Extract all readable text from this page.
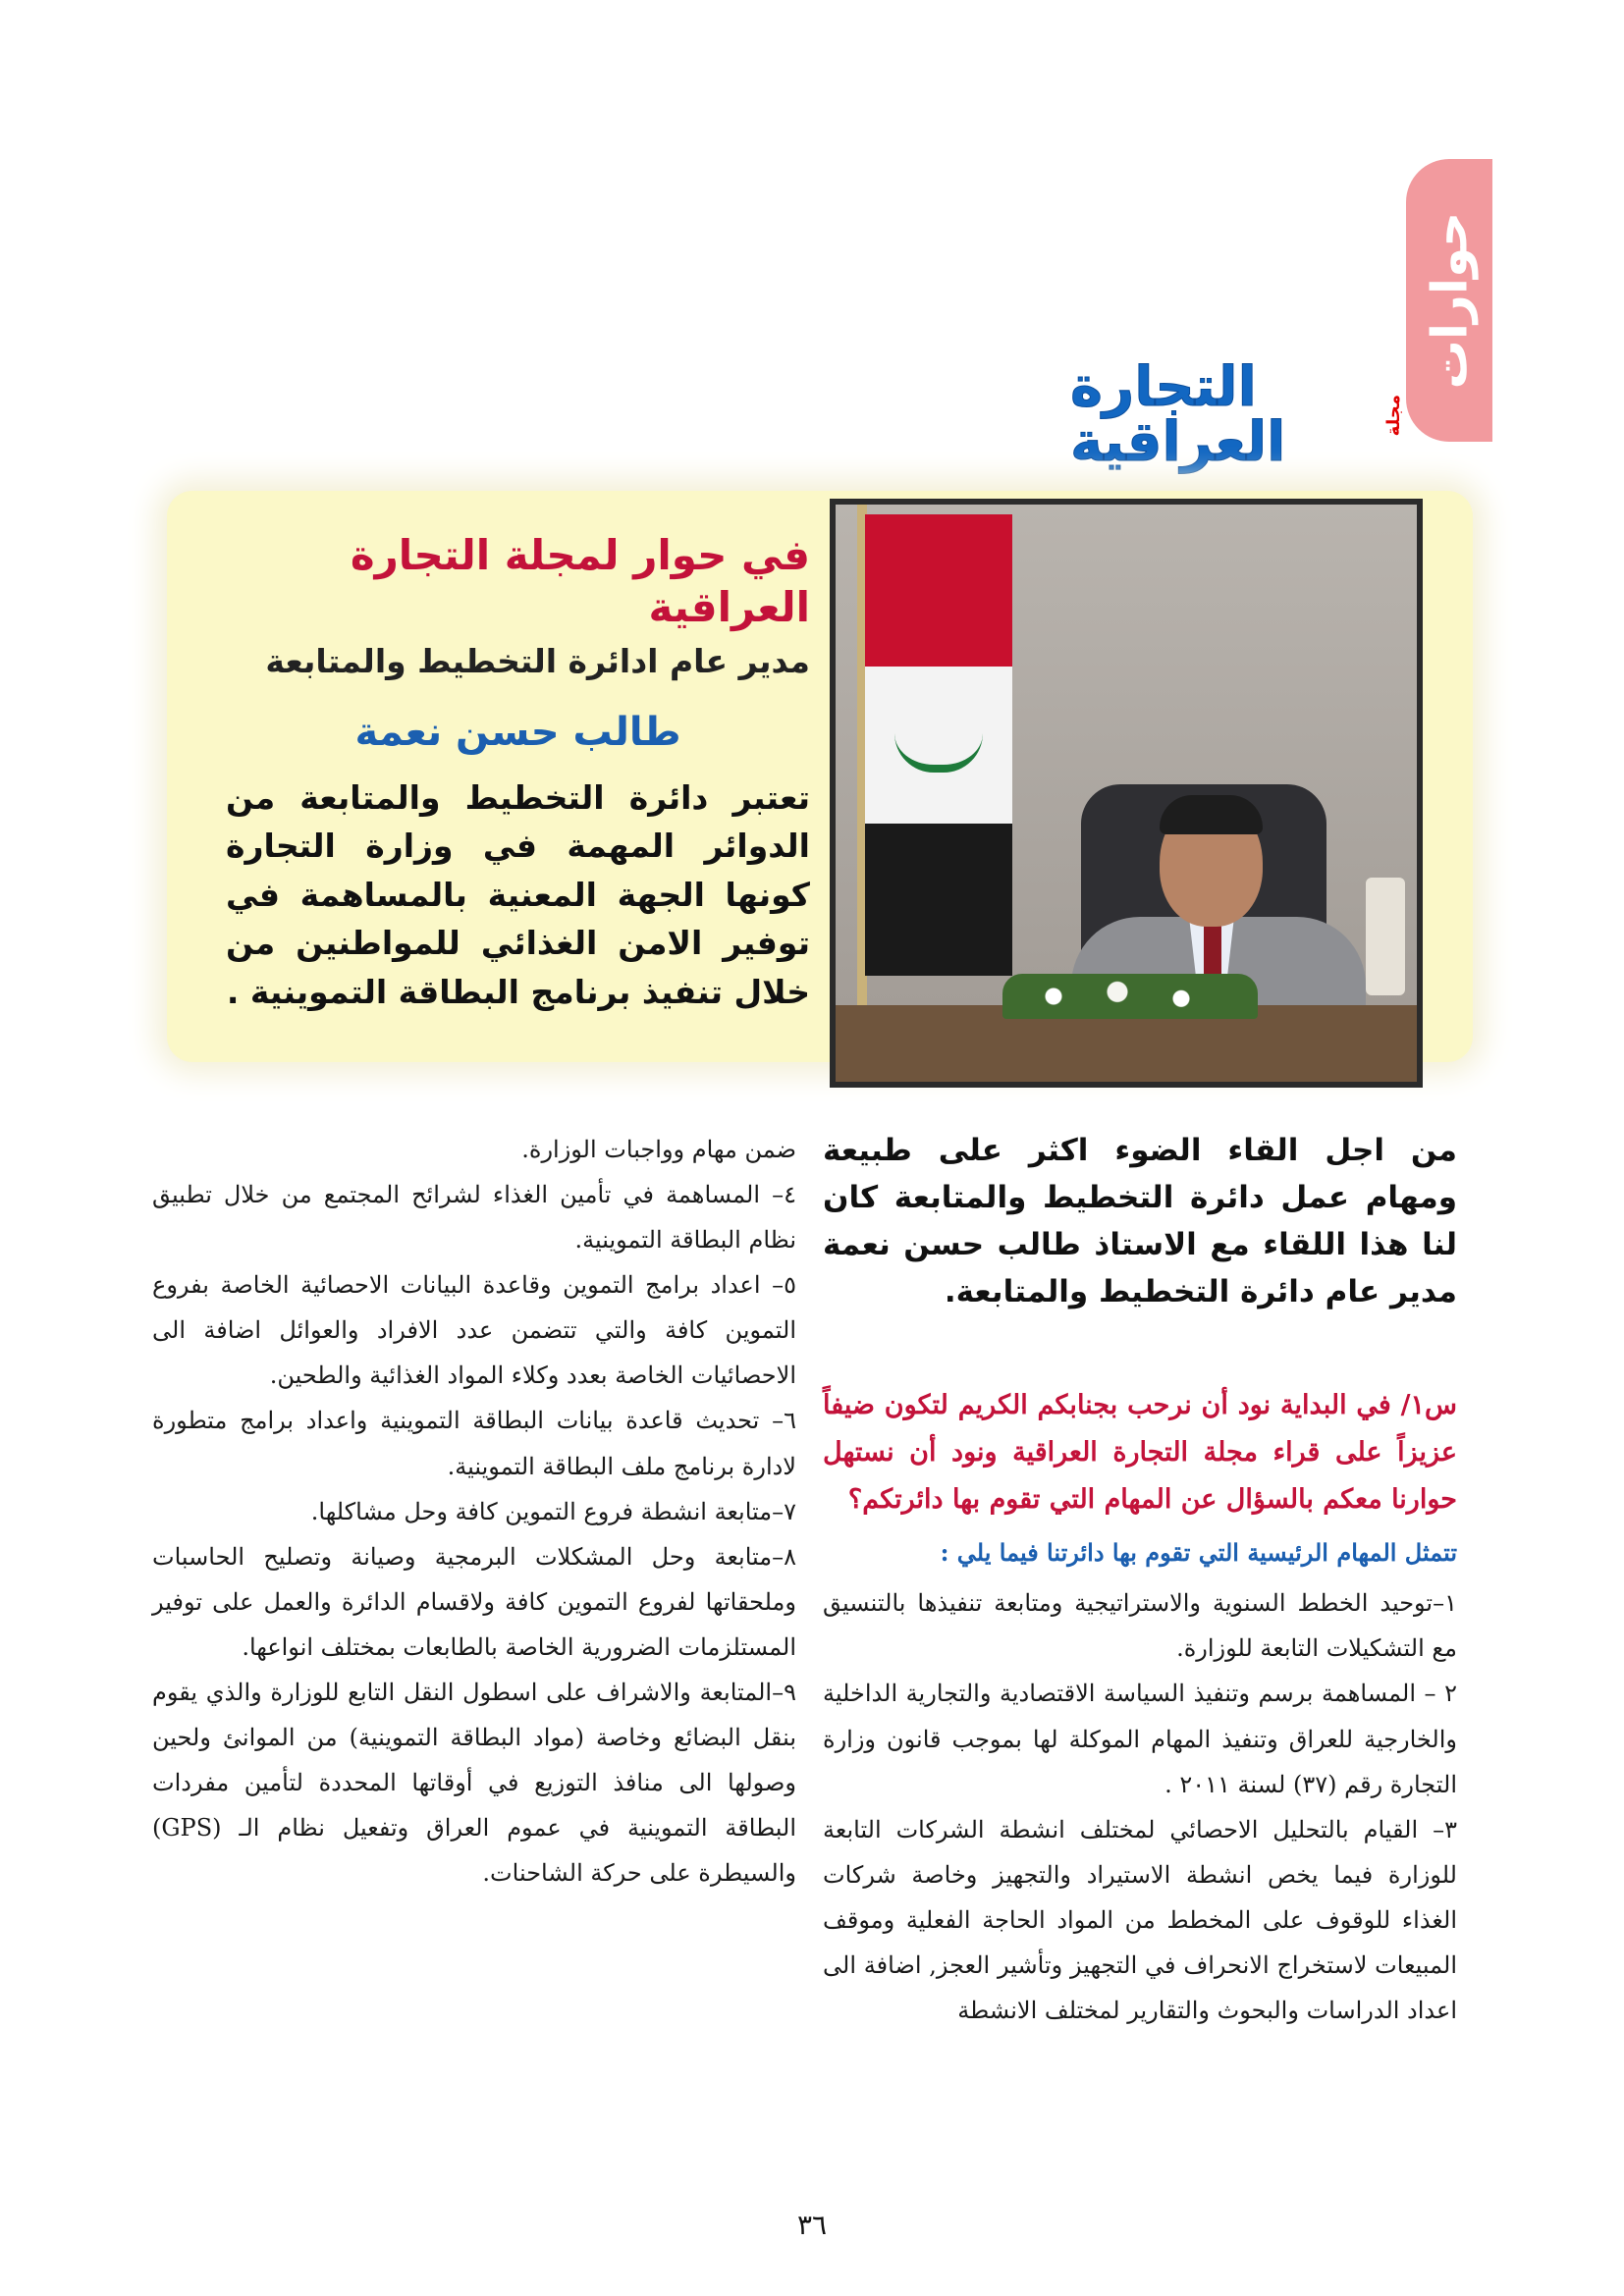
حوارات
التجارة العراقية	مجلة

في حوار لمجلة التجارة العراقية

مدير عام ادائرة التخطيط والمتابعة

طالب حسن نعمة

تعتبر دائرة التخطيط والمتابعة من الدوائر المهمة في وزارة التجارة كونها الجهة المعنية بالمساهمة في توفير الامن الغذائي للمواطنين من خلال تنفيذ برنامج البطاقة التموينية .

من اجل القاء الضوء اكثر على طبيعة ومهام عمل دائرة التخطيط والمتابعة كان لنا هذا اللقاء مع الاستاذ طالب حسن نعمة مدير عام دائرة التخطيط والمتابعة.

س١/ في البداية نود أن نرحب بجنابكم الكريم لتكون ضيفاً عزيزاً على قراء مجلة التجارة العراقية ونود أن نستهل حوارنا معكم بالسؤال عن المهام التي تقوم بها دائرتكم؟

تتمثل المهام الرئيسية التي تقوم بها دائرتنا فيما يلي :

١–توحيد الخطط السنوية والاستراتيجية ومتابعة تنفيذها بالتنسيق مع التشكيلات التابعة للوزارة.

٢ – المساهمة برسم وتنفيذ السياسة الاقتصادية والتجارية الداخلية والخارجية للعراق وتنفيذ المهام الموكلة لها بموجب قانون وزارة التجارة رقم (٣٧) لسنة ٢٠١١ .

٣– القيام بالتحليل الاحصائي لمختلف انشطة الشركات التابعة للوزارة فيما يخص انشطة الاستيراد والتجهيز وخاصة شركات الغذاء للوقوف على المخطط من المواد الحاجة الفعلية وموقف المبيعات لاستخراج الانحراف في التجهيز وتأشير العجز, اضافة الى اعداد الدراسات والبحوث والتقارير لمختلف الانشطة

ضمن مهام وواجبات الوزارة.

٤– المساهمة في تأمين الغذاء لشرائح المجتمع من خلال تطبيق نظام البطاقة التموينية.

٥– اعداد برامج التموين وقاعدة البيانات الاحصائية الخاصة بفروع التموين كافة والتي تتضمن عدد الافراد والعوائل اضافة الى الاحصائيات الخاصة بعدد وكلاء المواد الغذائية والطحين.

٦– تحديث قاعدة بيانات البطاقة التموينية واعداد برامج متطورة لادارة برنامج ملف البطاقة التموينية.

٧–متابعة انشطة فروع التموين كافة وحل مشاكلها.

٨–متابعة وحل المشكلات البرمجية وصيانة وتصليح الحاسبات وملحقاتها لفروع التموين كافة ولاقسام الدائرة والعمل على توفير المستلزمات الضرورية الخاصة بالطابعات بمختلف انواعها.

٩–المتابعة والاشراف على اسطول النقل التابع للوزارة والذي يقوم بنقل البضائع وخاصة (مواد البطاقة التموينية) من الموانئ ولحين وصولها الى منافذ التوزيع في أوقاتها المحددة لتأمين مفردات البطاقة التموينية في عموم العراق وتفعيل نظام الـ (GPS) والسيطرة على حركة الشاحنات.

٣٦
